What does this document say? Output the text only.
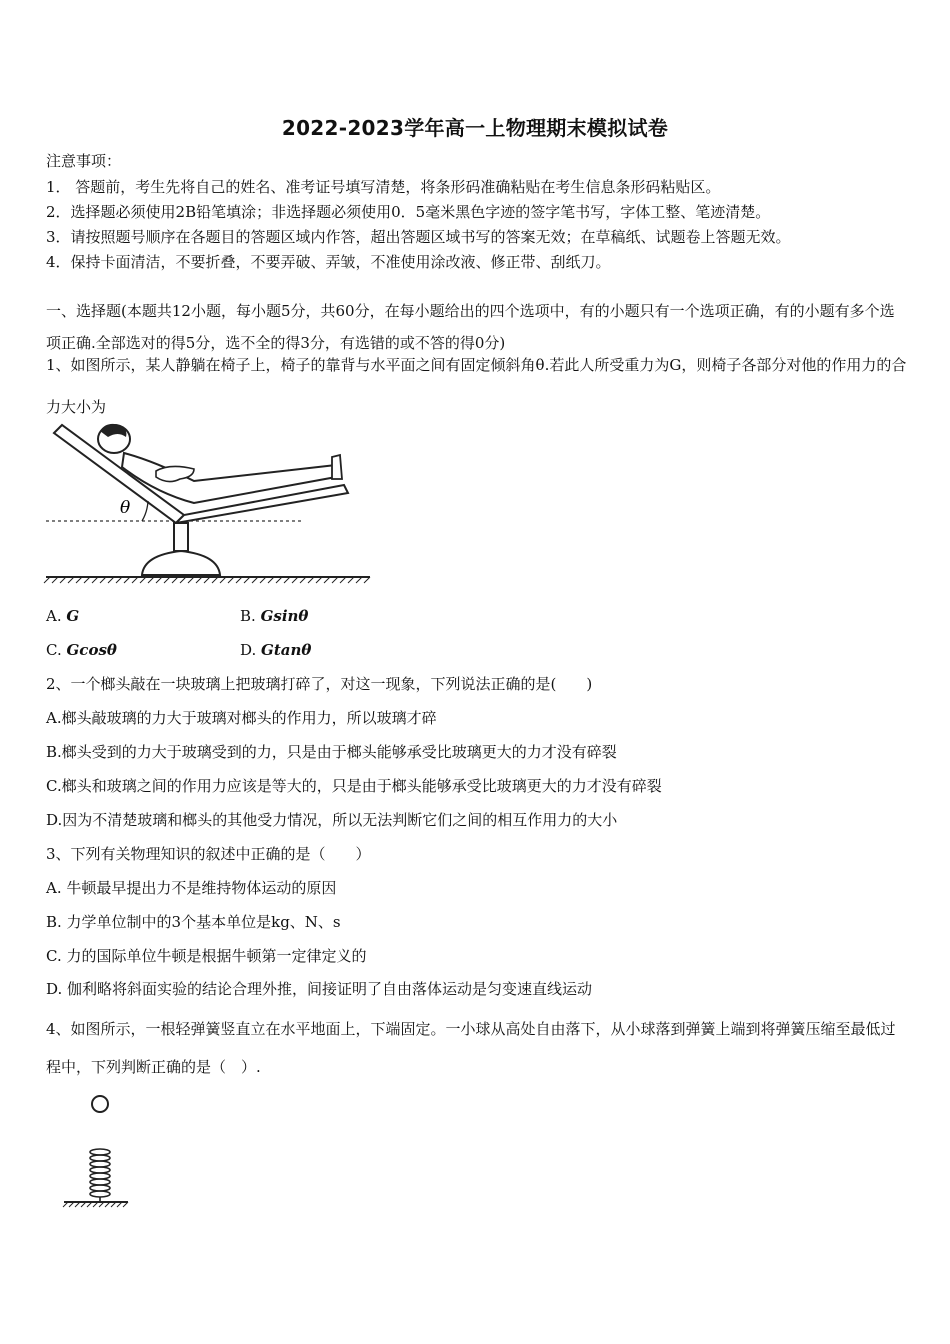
2022-2023学年高一上物理期末模拟试卷
注意事项：
1． 答题前，考生先将自己的姓名、准考证号填写清楚，将条形码准确粘贴在考生信息条形码粘贴区。
2．选择题必须使用2B铅笔填涂；非选择题必须使用0．5毫米黑色字迹的签字笔书写，字体工整、笔迹清楚。
3．请按照题号顺序在各题目的答题区域内作答，超出答题区域书写的答案无效；在草稿纸、试题卷上答题无效。
4．保持卡面清洁，不要折叠，不要弄破、弄皱，不准使用涂改液、修正带、刮纸刀。
一、选择题(本题共12小题，每小题5分，共60分，在每小题给出的四个选项中，有的小题只有一个选项正确，有的小题有多个选项正确.全部选对的得5分，选不全的得3分，有选错的或不答的得0分)
1、如图所示，某人静躺在椅子上，椅子的靠背与水平面之间有固定倾斜角θ.若此人所受重力为G，则椅子各部分对他的作用力的合力大小为
θ
A. G	B. Gsinθ
C. Gcosθ	D. Gtanθ
2、一个榔头敲在一块玻璃上把玻璃打碎了，对这一现象，下列说法正确的是(　　)
A.榔头敲玻璃的力大于玻璃对榔头的作用力，所以玻璃才碎
B.榔头受到的力大于玻璃受到的力，只是由于榔头能够承受比玻璃更大的力才没有碎裂
C.榔头和玻璃之间的作用力应该是等大的，只是由于榔头能够承受比玻璃更大的力才没有碎裂
D.因为不清楚玻璃和榔头的其他受力情况，所以无法判断它们之间的相互作用力的大小
3、下列有关物理知识的叙述中正确的是（　　）
A. 牛顿最早提出力不是维持物体运动的原因
B. 力学单位制中的3个基本单位是kg、N、s
C. 力的国际单位牛顿是根据牛顿第一定律定义的
D. 伽利略将斜面实验的结论合理外推，间接证明了自由落体运动是匀变速直线运动
4、如图所示，一根轻弹簧竖直立在水平地面上，下端固定。一小球从高处自由落下，从小球落到弹簧上端到将弹簧压缩至最低过程中，下列判断正确的是（　）.
